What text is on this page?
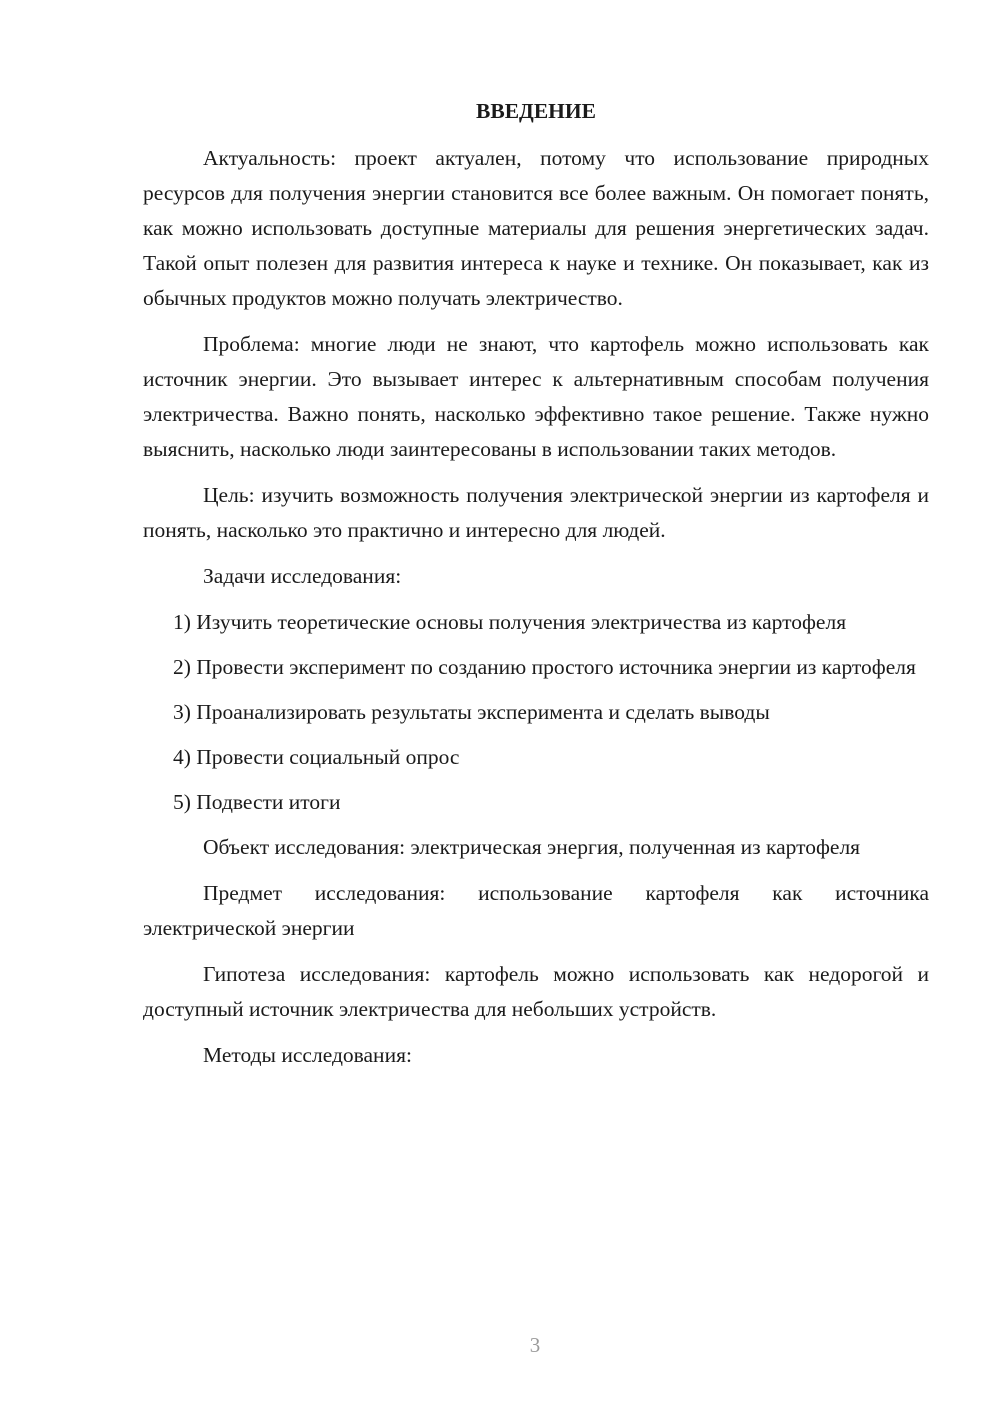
ВВЕДЕНИЕ

Актуальность: проект актуален, потому что использование природных ресурсов для получения энергии становится все более важным. Он помогает понять, как можно использовать доступные материалы для решения энергетических задач. Такой опыт полезен для развития интереса к науке и технике. Он показывает, как из обычных продуктов можно получать электричество.

Проблема: многие люди не знают, что картофель можно использовать как источник энергии. Это вызывает интерес к альтернативным способам получения электричества. Важно понять, насколько эффективно такое решение. Также нужно выяснить, насколько люди заинтересованы в использовании таких методов.

Цель: изучить возможность получения электрической энергии из картофеля и понять, насколько это практично и интересно для людей.

Задачи исследования:

1) Изучить теоретические основы получения электричества из картофеля

2) Провести эксперимент по созданию простого источника энергии из картофеля

3) Проанализировать результаты эксперимента и сделать выводы

4) Провести социальный опрос

5) Подвести итоги

Объект исследования: электрическая энергия, полученная из картофеля

Предмет исследования: использование картофеля как источника электрической энергии

Гипотеза исследования: картофель можно использовать как недорогой и доступный источник электричества для небольших устройств.

Методы исследования:

3
